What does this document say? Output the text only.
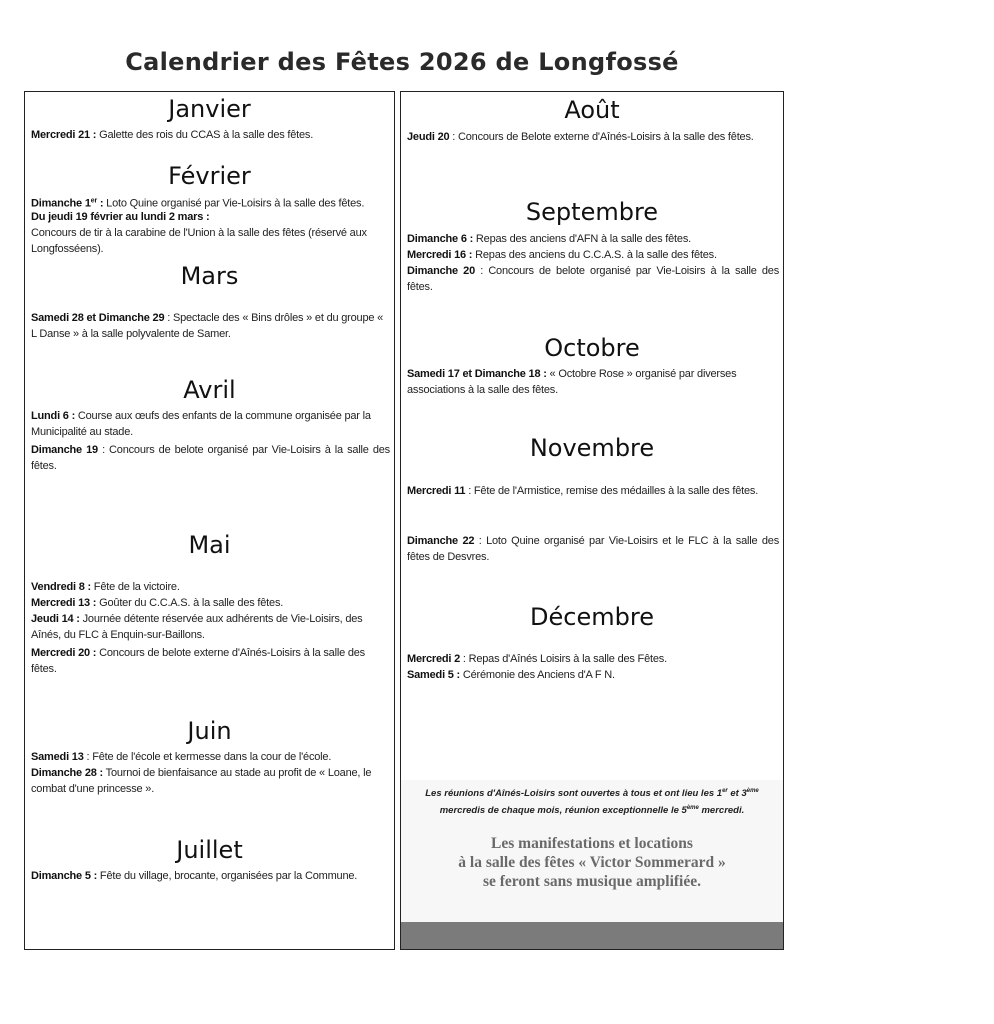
Calendrier des Fêtes 2026 de Longfossé
Janvier
Mercredi 21 : Galette des rois du CCAS à la salle des fêtes.
Février
Dimanche 1er : Loto Quine organisé par Vie-Loisirs à la salle des fêtes.
Du jeudi 19 février au lundi 2 mars :
Concours de tir à la carabine de l'Union à la salle des fêtes (réservé aux Longfosséens).
Mars
Samedi 28 et Dimanche 29 : Spectacle des « Bins drôles » et du groupe « L Danse » à la salle polyvalente de Samer.
Avril
Lundi 6 : Course aux œufs des enfants de la commune organisée par la Municipalité au stade.
Dimanche 19 : Concours de belote organisé par Vie-Loisirs à la salle des fêtes.
Mai
Vendredi 8 : Fête de la victoire.
Mercredi 13 : Goûter du C.C.A.S. à la salle des fêtes.
Jeudi 14 : Journée détente réservée aux adhérents de Vie-Loisirs, des Aînés, du FLC à Enquin-sur-Baillons.
Mercredi 20 : Concours de belote externe d'Aînés-Loisirs à la salle des fêtes.
Juin
Samedi 13 : Fête de l'école et kermesse dans la cour de l'école.
Dimanche 28 : Tournoi de bienfaisance au stade au profit de « Loane, le combat d'une princesse ».
Juillet
Dimanche 5 : Fête du village, brocante, organisées par la Commune.
Août
Jeudi 20 : Concours de Belote externe d'Aînés-Loisirs à la salle des fêtes.
Septembre
Dimanche 6 : Repas des anciens d'AFN à la salle des fêtes.
Mercredi 16 : Repas des anciens du C.C.A.S. à la salle des fêtes.
Dimanche 20 : Concours de belote organisé par Vie-Loisirs à la salle des fêtes.
Octobre
Samedi 17 et Dimanche 18 : « Octobre Rose » organisé par diverses associations à la salle des fêtes.
Novembre
Mercredi 11 : Fête de l'Armistice, remise des médailles à la salle des fêtes.
Dimanche 22 : Loto Quine organisé par Vie-Loisirs et le FLC à la salle des fêtes de Desvres.
Décembre
Mercredi 2 : Repas d'Aînés Loisirs à la salle des Fêtes.
Samedi 5 : Cérémonie des Anciens d'A F N.
Les réunions d'Aînés-Loisirs sont ouvertes à tous et ont lieu les 1er et 3ème mercredis de chaque mois, réunion exceptionnelle le 5ème mercredi.
Les manifestations et locations
à la salle des fêtes « Victor Sommerard »
se feront sans musique amplifiée.
